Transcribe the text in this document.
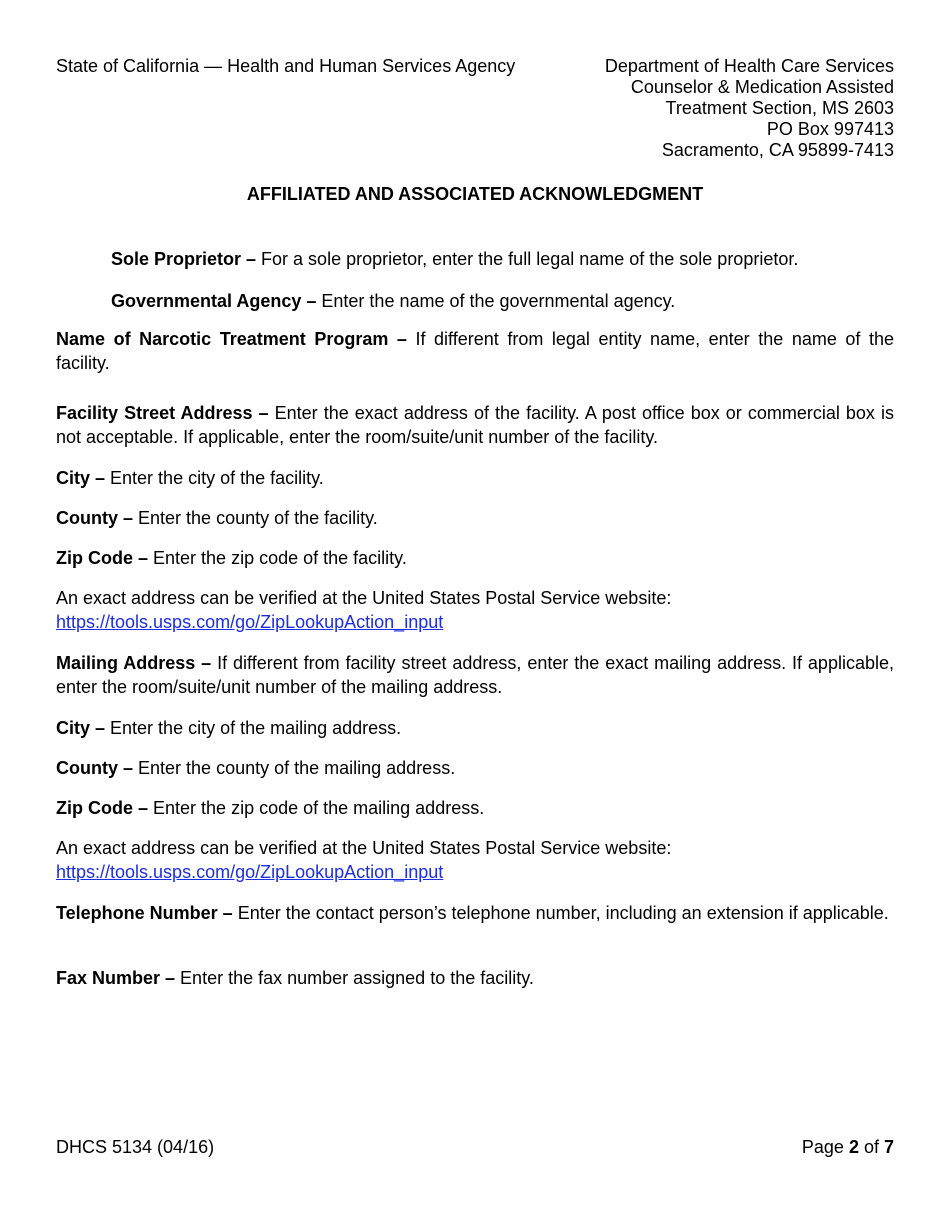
State of California — Health and Human Services Agency	Department of Health Care Services
Counselor & Medication Assisted
Treatment Section, MS 2603
PO Box 997413
Sacramento, CA 95899-7413
AFFILIATED AND ASSOCIATED ACKNOWLEDGMENT
Sole Proprietor – For a sole proprietor, enter the full legal name of the sole proprietor.
Governmental Agency – Enter the name of the governmental agency.
Name of Narcotic Treatment Program – If different from legal entity name, enter the name of the facility.
Facility Street Address – Enter the exact address of the facility. A post office box or commercial box is not acceptable. If applicable, enter the room/suite/unit number of the facility.
City – Enter the city of the facility.
County – Enter the county of the facility.
Zip Code – Enter the zip code of the facility.
An exact address can be verified at the United States Postal Service website:
https://tools.usps.com/go/ZipLookupAction_input
Mailing Address – If different from facility street address, enter the exact mailing address. If applicable, enter the room/suite/unit number of the mailing address.
City – Enter the city of the mailing address.
County – Enter the county of the mailing address.
Zip Code – Enter the zip code of the mailing address.
An exact address can be verified at the United States Postal Service website:
https://tools.usps.com/go/ZipLookupAction_input
Telephone Number – Enter the contact person’s telephone number, including an extension if applicable.
Fax Number – Enter the fax number assigned to the facility.
DHCS 5134 (04/16)	Page 2 of 7
